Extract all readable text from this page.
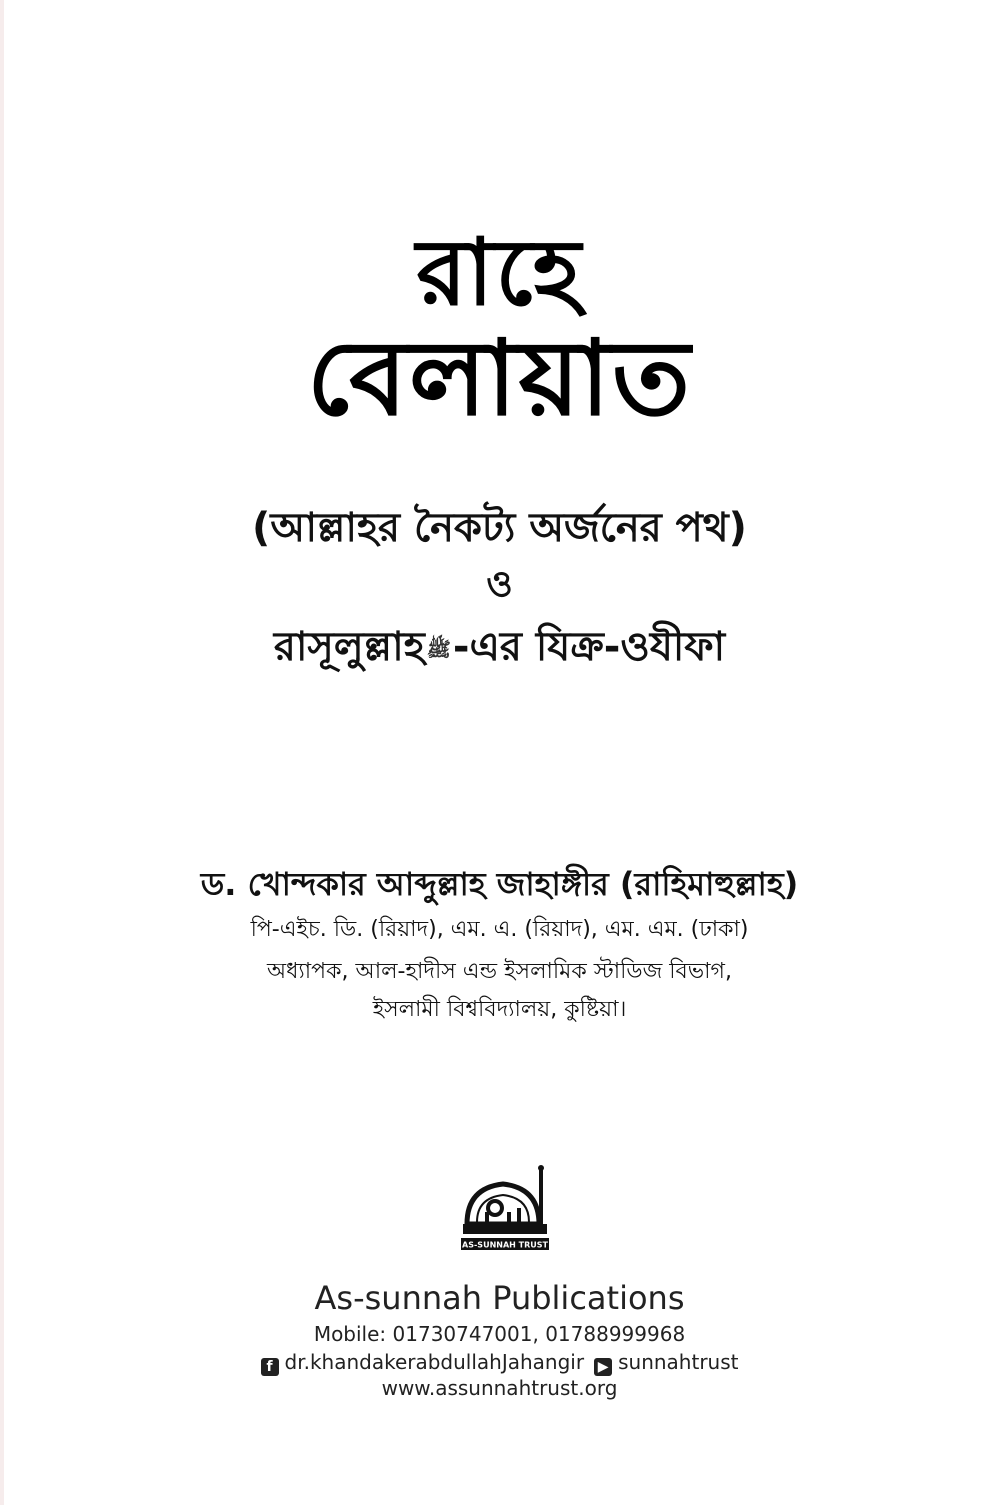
রাহে
বেলায়াত
(আল্লাহর নৈকট্য অর্জনের পথ)
ও
রাসূলুল্লাহ ﷺ-এর যিক্র-ওযীফা
ড. খোন্দকার আব্দুল্লাহ জাহাঙ্গীর (রাহিমাহুল্লাহ)
পি-এইচ. ডি. (রিয়াদ), এম. এ. (রিয়াদ), এম. এম. (ঢাকা)
অধ্যাপক, আল-হাদীস এন্ড ইসলামিক স্টাডিজ বিভাগ,
ইসলামী বিশ্ববিদ্যালয়, কুষ্টিয়া।
AS-SUNNAH TRUST
As-sunnah Publications
Mobile: 01730747001, 01788999968
f dr.khandakerabdullahJahangir ▶ sunnahtrust
www.assunnahtrust.org
